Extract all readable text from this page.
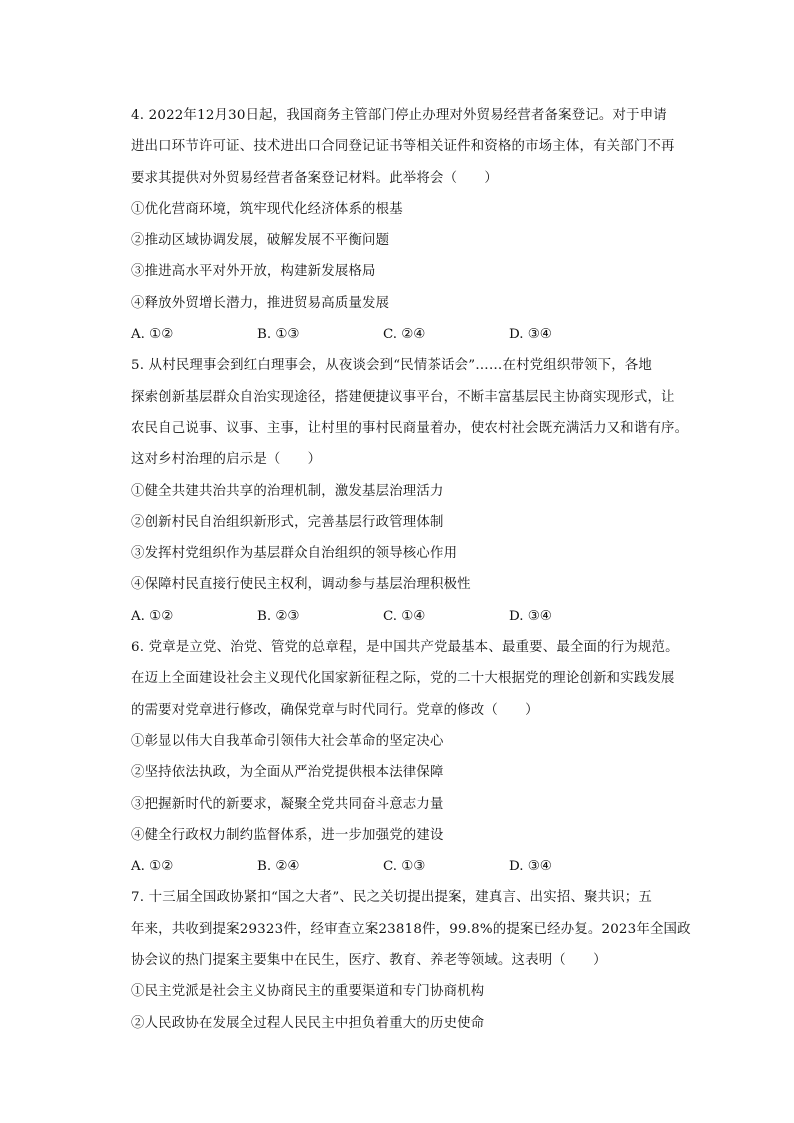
4. 2022年12月30日起，我国商务主管部门停止办理对外贸易经营者备案登记。对于申请
进出口环节许可证、技术进出口合同登记证书等相关证件和资格的市场主体，有关部门不再
要求其提供对外贸易经营者备案登记材料。此举将会（　　）
①优化营商环境，筑牢现代化经济体系的根基
②推动区域协调发展，破解发展不平衡问题
③推进高水平对外开放，构建新发展格局
④释放外贸增长潜力，推进贸易高质量发展
A. ①②	B. ①③	C. ②④	D. ③④
5. 从村民理事会到红白理事会，从夜谈会到“民情茶话会”……在村党组织带领下，各地
探索创新基层群众自治实现途径，搭建便捷议事平台，不断丰富基层民主协商实现形式，让
农民自己说事、议事、主事，让村里的事村民商量着办，使农村社会既充满活力又和谐有序。
这对乡村治理的启示是（　　）
①健全共建共治共享的治理机制，激发基层治理活力
②创新村民自治组织新形式，完善基层行政管理体制
③发挥村党组织作为基层群众自治组织的领导核心作用
④保障村民直接行使民主权利，调动参与基层治理积极性
A. ①②	B. ②③	C. ①④	D. ③④
6. 党章是立党、治党、管党的总章程，是中国共产党最基本、最重要、最全面的行为规范。
在迈上全面建设社会主义现代化国家新征程之际，党的二十大根据党的理论创新和实践发展
的需要对党章进行修改，确保党章与时代同行。党章的修改（　　）
①彰显以伟大自我革命引领伟大社会革命的坚定决心
②坚持依法执政，为全面从严治党提供根本法律保障
③把握新时代的新要求，凝聚全党共同奋斗意志力量
④健全行政权力制约监督体系，进一步加强党的建设
A. ①②	B. ②④	C. ①③	D. ③④
7. 十三届全国政协紧扣“国之大者”、民之关切提出提案，建真言、出实招、聚共识；五
年来，共收到提案29323件，经审查立案23818件，99.8%的提案已经办复。2023年全国政
协会议的热门提案主要集中在民生，医疗、教育、养老等领域。这表明（　　）
①民主党派是社会主义协商民主的重要渠道和专门协商机构
②人民政协在发展全过程人民民主中担负着重大的历史使命
